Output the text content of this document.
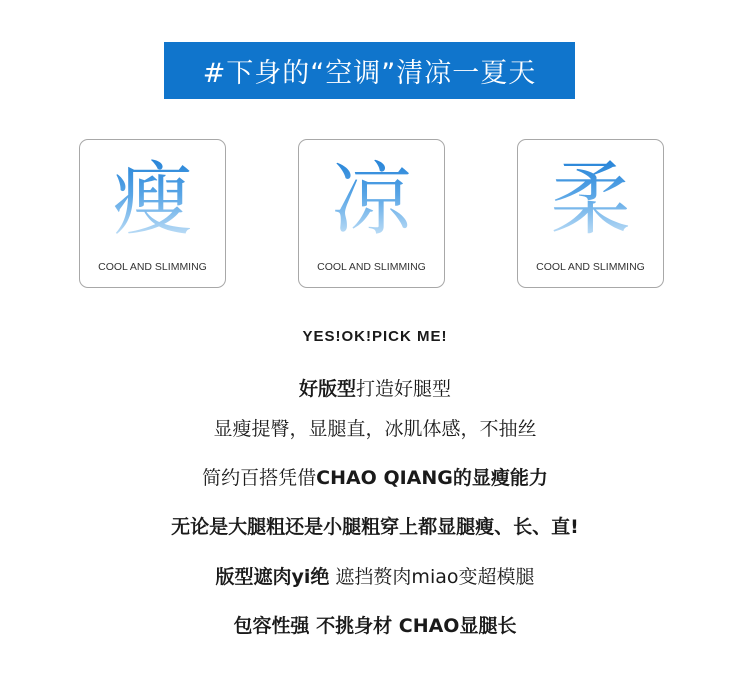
#下身的“空调”清凉一夏天
瘦
COOL AND SLIMMING
凉
COOL AND SLIMMING
柔
COOL AND SLIMMING
YES!OK!PICK ME!
好版型打造好腿型
显瘦提臀，显腿直，冰肌体感，不抽丝
简约百搭凭借CHAO QIANG的显瘦能力
无论是大腿粗还是小腿粗穿上都显腿瘦、长、直!
版型遮肉yi绝 遮挡赘肉miao变超模腿
包容性强 不挑身材 CHAO显腿长
